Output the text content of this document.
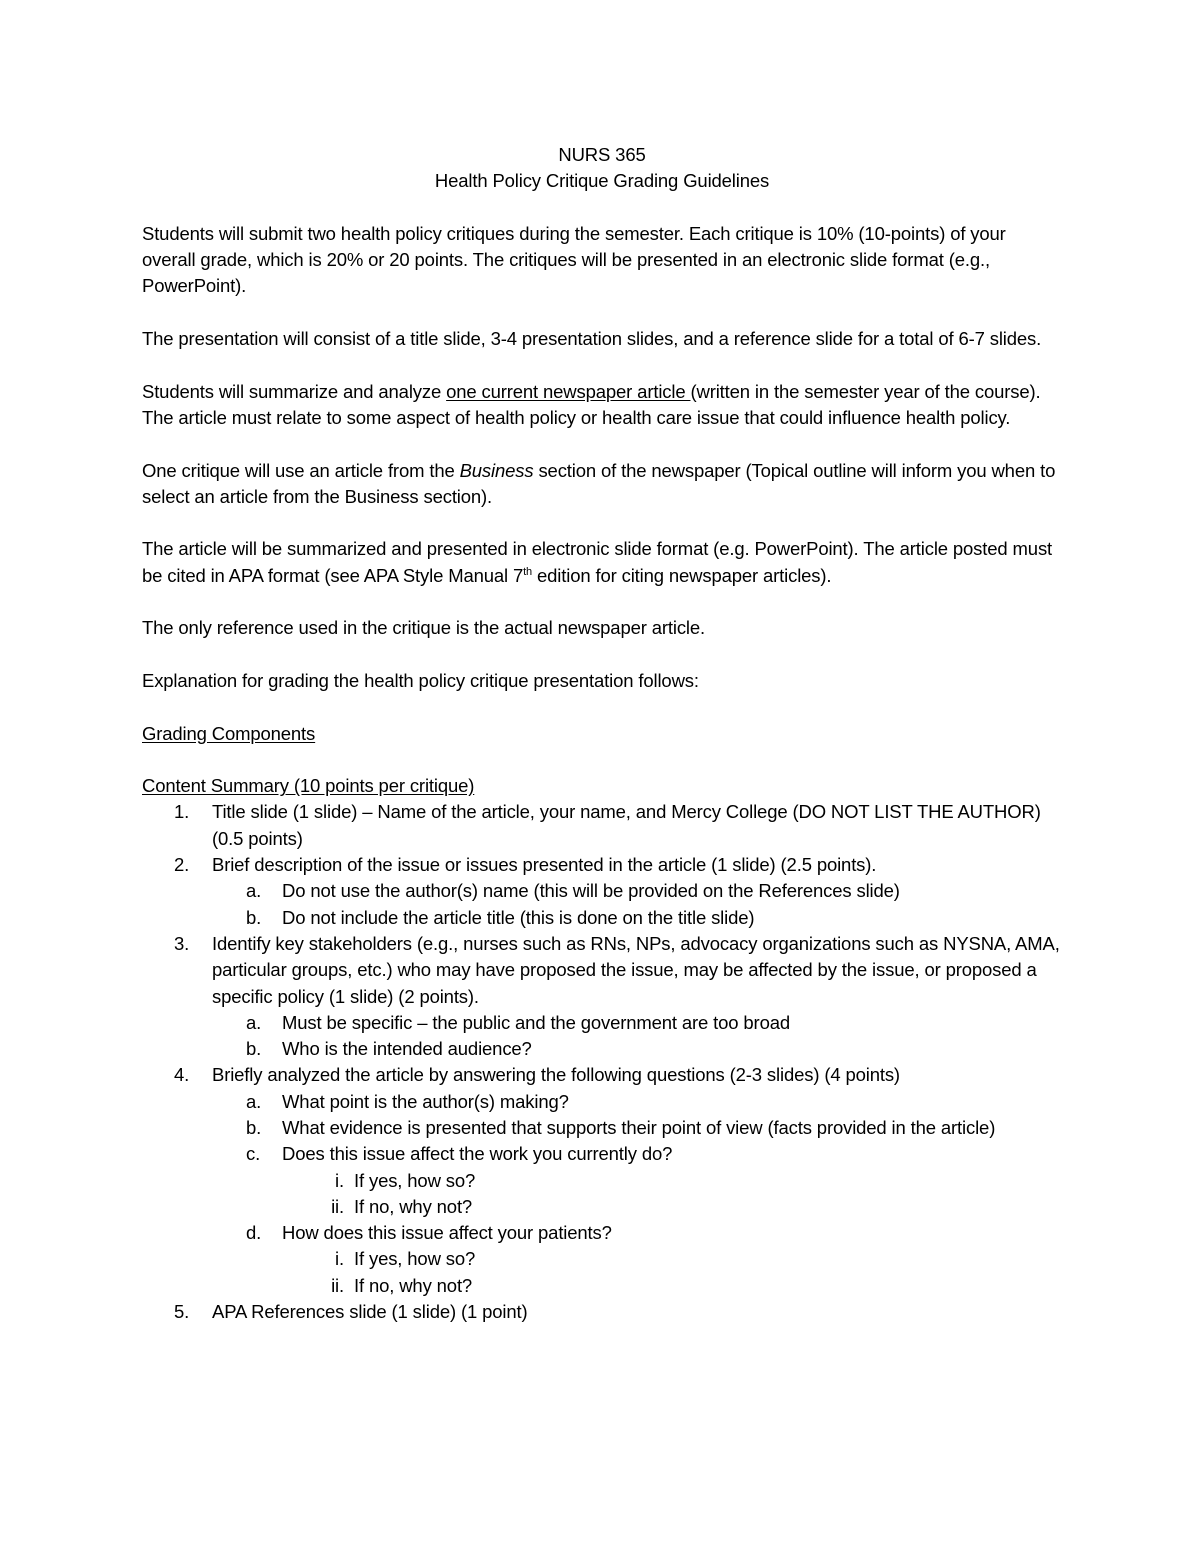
NURS 365

Health Policy Critique Grading Guidelines

Students will submit two health policy critiques during the semester. Each critique is 10% (10-points) of your overall grade, which is 20% or 20 points. The critiques will be presented in an electronic slide format (e.g., PowerPoint).

The presentation will consist of a title slide, 3-4 presentation slides, and a reference slide for a total of 6-7 slides.

Students will summarize and analyze one current newspaper article (written in the semester year of the course). The article must relate to some aspect of health policy or health care issue that could influence health policy.

One critique will use an article from the Business section of the newspaper (Topical outline will inform you when to select an article from the Business section).

The article will be summarized and presented in electronic slide format (e.g. PowerPoint). The article posted must be cited in APA format (see APA Style Manual 7th edition for citing newspaper articles).

The only reference used in the critique is the actual newspaper article.

Explanation for grading the health policy critique presentation follows:

Grading Components

Content Summary (10 points per critique)

1.	Title slide (1 slide) – Name of the article, your name, and Mercy College (DO NOT LIST THE AUTHOR) (0.5 points)
2.	Brief description of the issue or issues presented in the article (1 slide) (2.5 points).
a.	Do not use the author(s) name (this will be provided on the References slide)
b.	Do not include the article title (this is done on the title slide)
3.	Identify key stakeholders (e.g., nurses such as RNs, NPs, advocacy organizations such as NYSNA, AMA, particular groups, etc.) who may have proposed the issue, may be affected by the issue, or proposed a specific policy (1 slide) (2 points).
a.	Must be specific – the public and the government are too broad
b.	Who is the intended audience?
4.	Briefly analyzed the article by answering the following questions (2-3 slides) (4 points)
a.	What point is the author(s) making?
b.	What evidence is presented that supports their point of view (facts provided in the article)
c.	Does this issue affect the work you currently do?
i. If yes, how so?
ii. If no, why not?
d.	How does this issue affect your patients?
i. If yes, how so?
ii. If no, why not?
5.	APA References slide (1 slide) (1 point)
